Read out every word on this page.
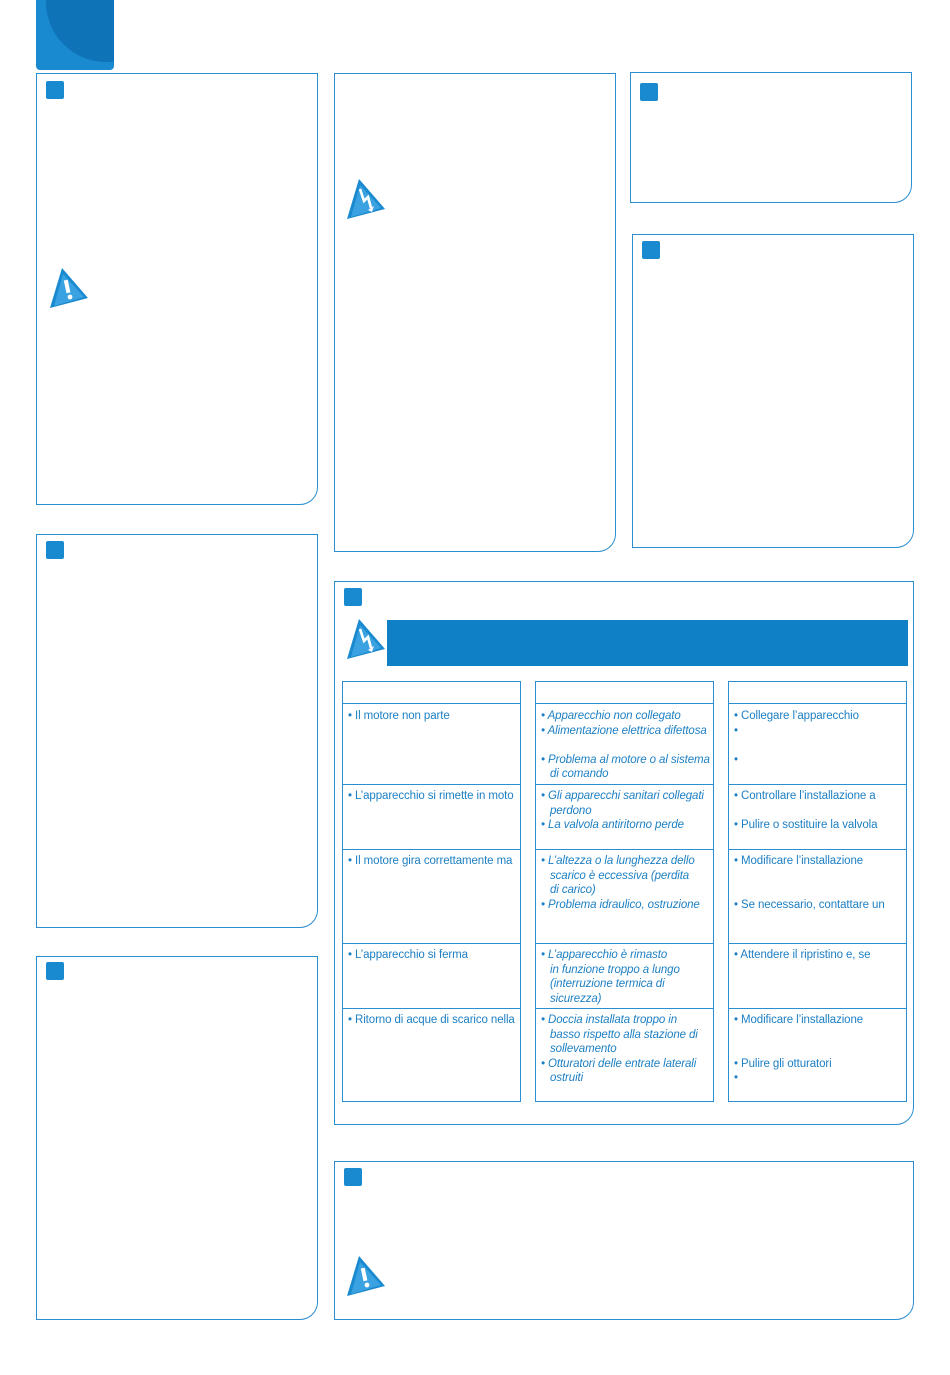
• Il motore non parte
• L’apparecchio si rimette in moto
• Il motore gira correttamente ma
• L’apparecchio si ferma
• Ritorno di acque di scarico nella
• Apparecchio non collegato
• Alimentazione elettrica difettosa
• Problema al motore o al sistema
di comando
• Gli apparecchi sanitari collegati
perdono
• La valvola antiritorno perde
• L’altezza o la lunghezza dello
scarico è eccessiva (perdita
di carico)
• Problema idraulico, ostruzione
• L’apparecchio è rimasto
in funzione troppo a lungo
(interruzione termica di
sicurezza)
• Doccia installata troppo in
basso rispetto alla stazione di
sollevamento
• Otturatori delle entrate laterali
ostruiti
• Collegare l’apparecchio
•
•
• Controllare l’installazione a
• Pulire o sostituire la valvola
• Modificare l’installazione
• Se necessario, contattare un
• Attendere il ripristino e, se
• Modificare l’installazione
• Pulire gli otturatori
•
